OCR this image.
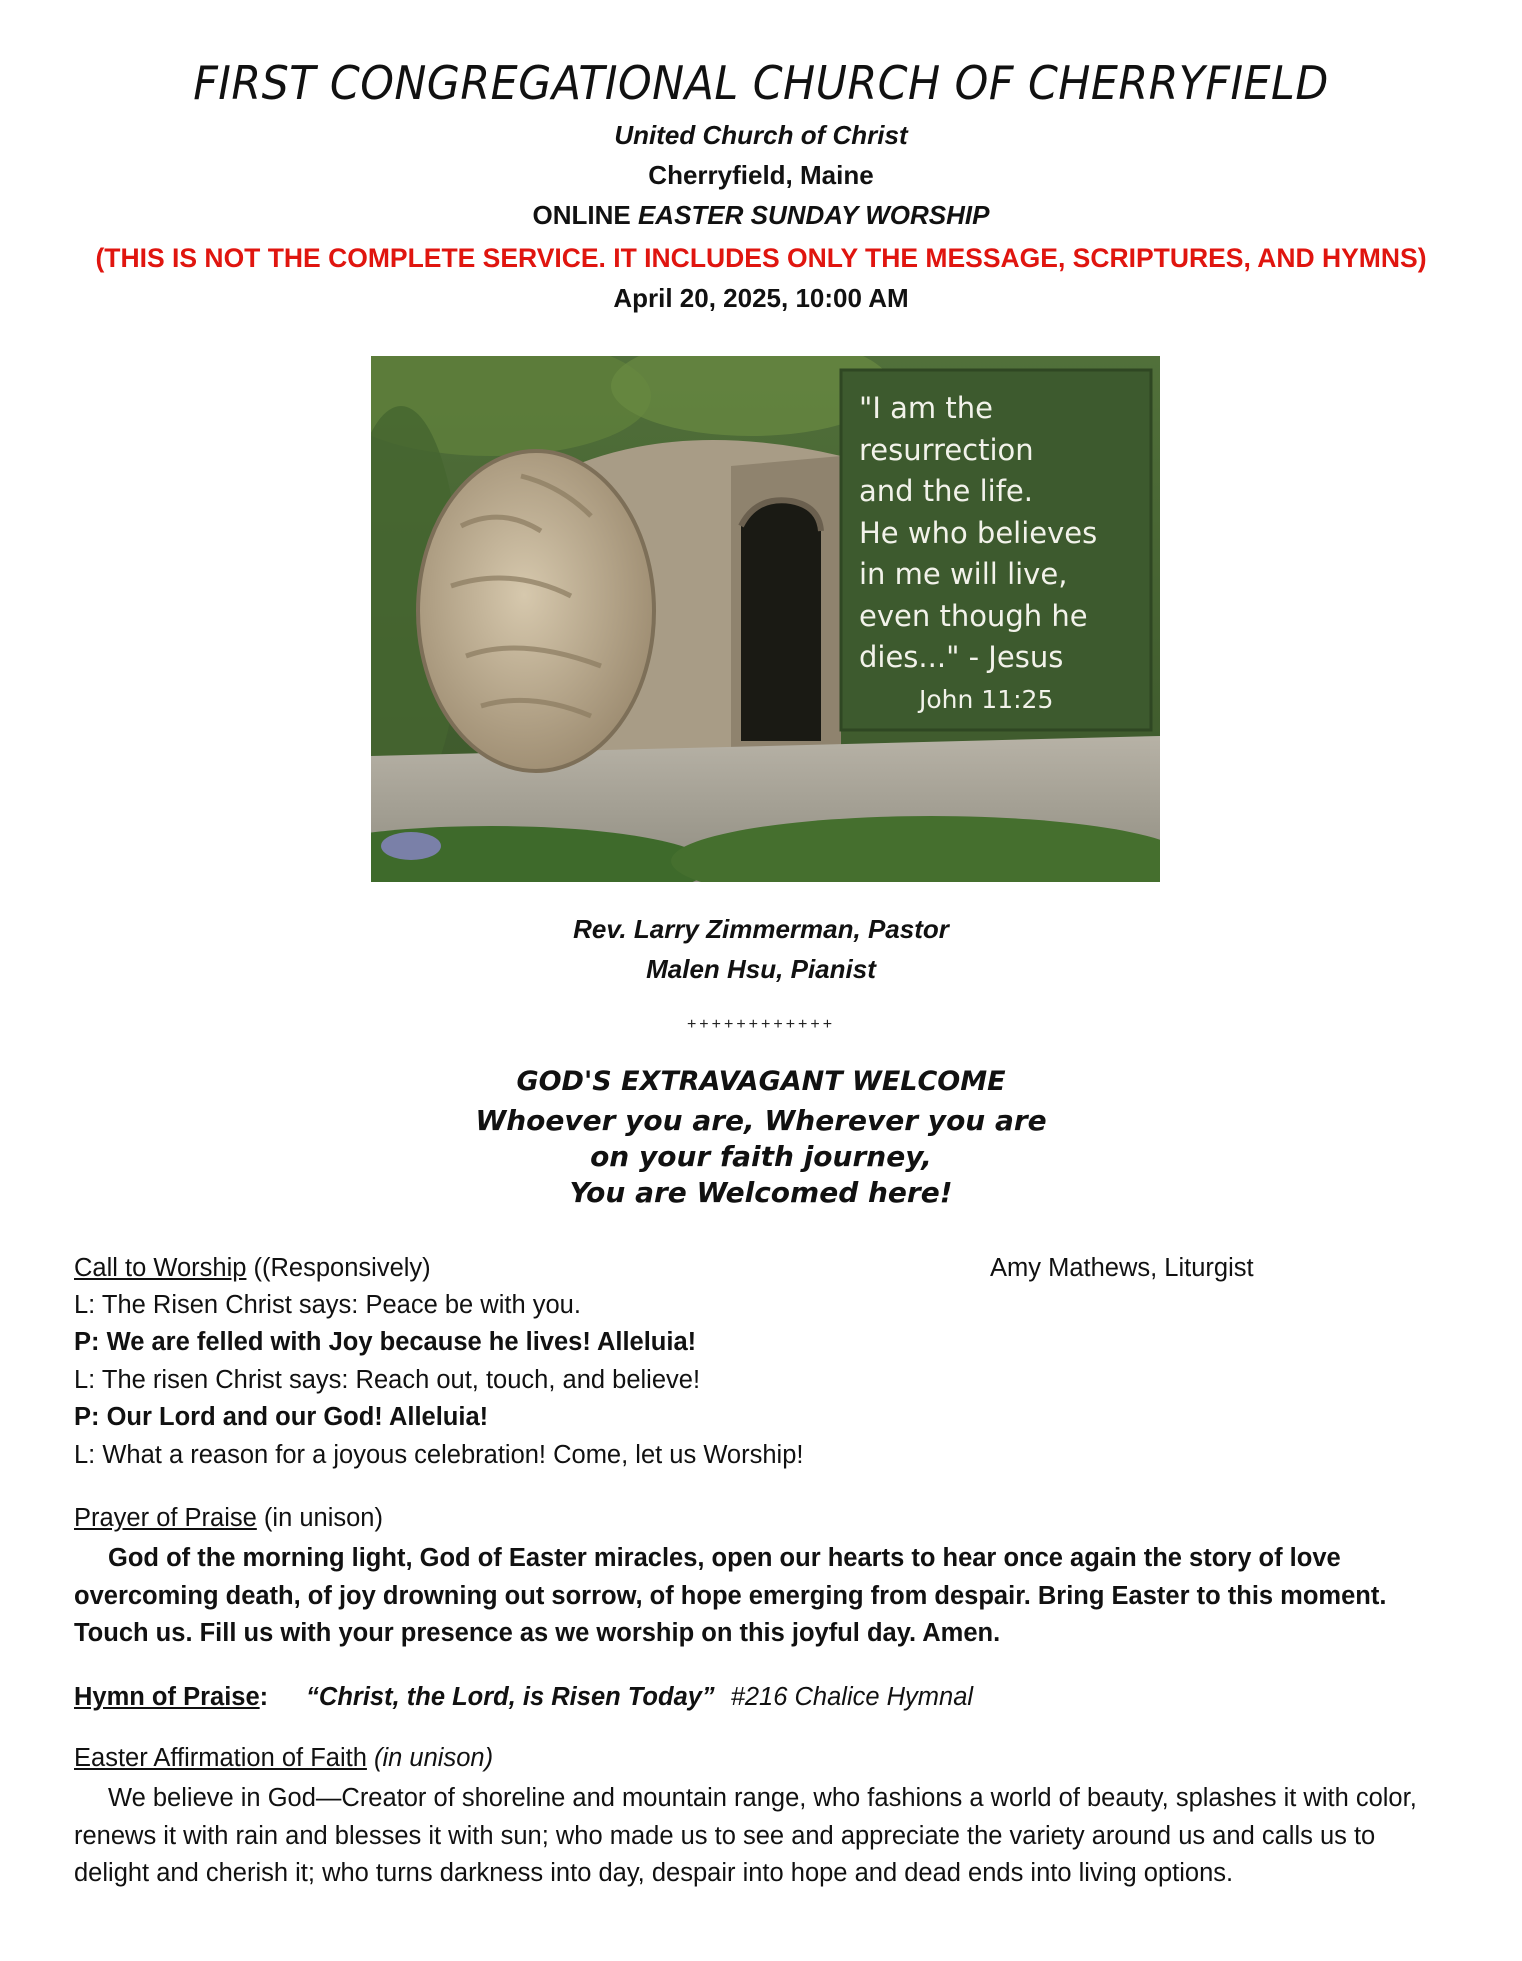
FIRST CONGREGATIONAL CHURCH OF CHERRYFIELD
United Church of Christ
Cherryfield, Maine
ONLINE EASTER SUNDAY WORSHIP
(THIS IS NOT THE COMPLETE SERVICE. IT INCLUDES ONLY THE MESSAGE, SCRIPTURES, AND HYMNS)
April 20, 2025, 10:00 AM
"I am the
resurrection
and the life.
He who believes
in me will live,
even though he
dies..." - Jesus
John 11:25
Rev. Larry Zimmerman, Pastor
Malen Hsu, Pianist
++++++++++++
GOD'S EXTRAVAGANT WELCOME
Whoever you are, Wherever you are
on your faith journey,
You are Welcomed here!
Call to Worship ((Responsively)	Amy Mathews, Liturgist
L: The Risen Christ says: Peace be with you.
P: We are felled with Joy because he lives! Alleluia!
L: The risen Christ says: Reach out, touch, and believe!
P: Our Lord and our God! Alleluia!
L: What a reason for a joyous celebration! Come, let us Worship!
Prayer of Praise (in unison)
God of the morning light, God of Easter miracles, open our hearts to hear once again the story of love overcoming death, of joy drowning out sorrow, of hope emerging from despair. Bring Easter to this moment. Touch us. Fill us with your presence as we worship on this joyful day. Amen.
Hymn of Praise: “Christ, the Lord, is Risen Today” #216 Chalice Hymnal
Easter Affirmation of Faith (in unison)
We believe in God—Creator of shoreline and mountain range, who fashions a world of beauty, splashes it with color, renews it with rain and blesses it with sun; who made us to see and appreciate the variety around us and calls us to delight and cherish it; who turns darkness into day, despair into hope and dead ends into living options.
